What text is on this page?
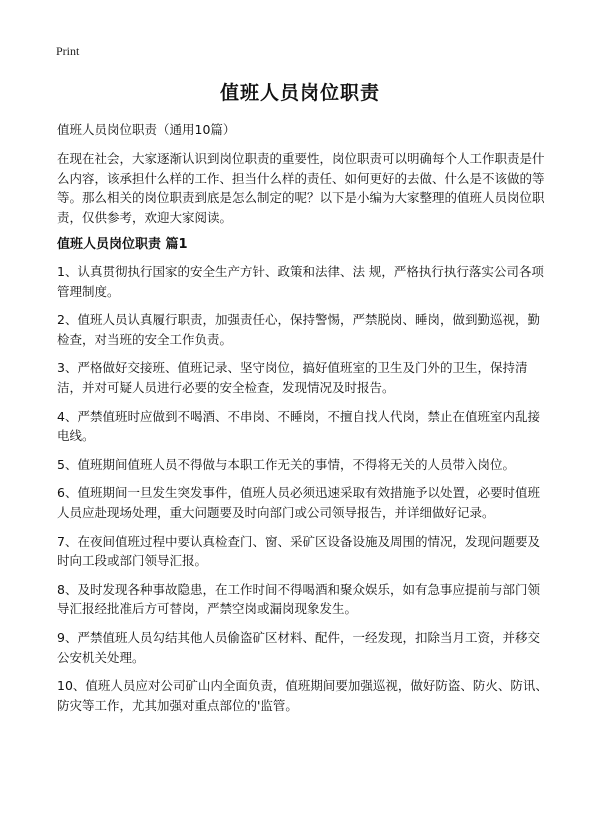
Print
值班人员岗位职责

值班人员岗位职责（通用10篇）

在现在社会，大家逐渐认识到岗位职责的重要性，岗位职责可以明确每个人工作职责是什么内容，该承担什么样的工作、担当什么样的责任、如何更好的去做、什么是不该做的等等。那么相关的岗位职责到底是怎么制定的呢？以下是小编为大家整理的值班人员岗位职责，仅供参考，欢迎大家阅读。

值班人员岗位职责 篇1
1、认真贯彻执行国家的安全生产方针、政策和法律、法 规，严格执行执行落实公司各项管理制度。
2、值班人员认真履行职责，加强责任心，保持警惕，严禁脱岗、睡岗，做到勤巡视，勤检查，对当班的安全工作负责。
3、严格做好交接班、值班记录、坚守岗位，搞好值班室的卫生及门外的卫生，保持清洁，并对可疑人员进行必要的安全检查，发现情况及时报告。
4、严禁值班时应做到不喝酒、不串岗、不睡岗，不擅自找人代岗，禁止在值班室内乱接电线。
5、值班期间值班人员不得做与本职工作无关的事情，不得将无关的人员带入岗位。
6、值班期间一旦发生突发事件，值班人员必须迅速采取有效措施予以处置，必要时值班人员应赴现场处理，重大问题要及时向部门或公司领导报告，并详细做好记录。
7、在夜间值班过程中要认真检查门、窗、采矿区设备设施及周围的情况，发现问题要及时向工段或部门领导汇报。
8、及时发现各种事故隐患，在工作时间不得喝酒和聚众娱乐，如有急事应提前与部门领导汇报经批准后方可替岗，严禁空岗或漏岗现象发生。
9、严禁值班人员勾结其他人员偷盗矿区材料、配件，一经发现，扣除当月工资，并移交公安机关处理。
10、值班人员应对公司矿山内全面负责，值班期间要加强巡视，做好防盗、防火、防讯、防灾等工作，尤其加强对重点部位的'监管。
